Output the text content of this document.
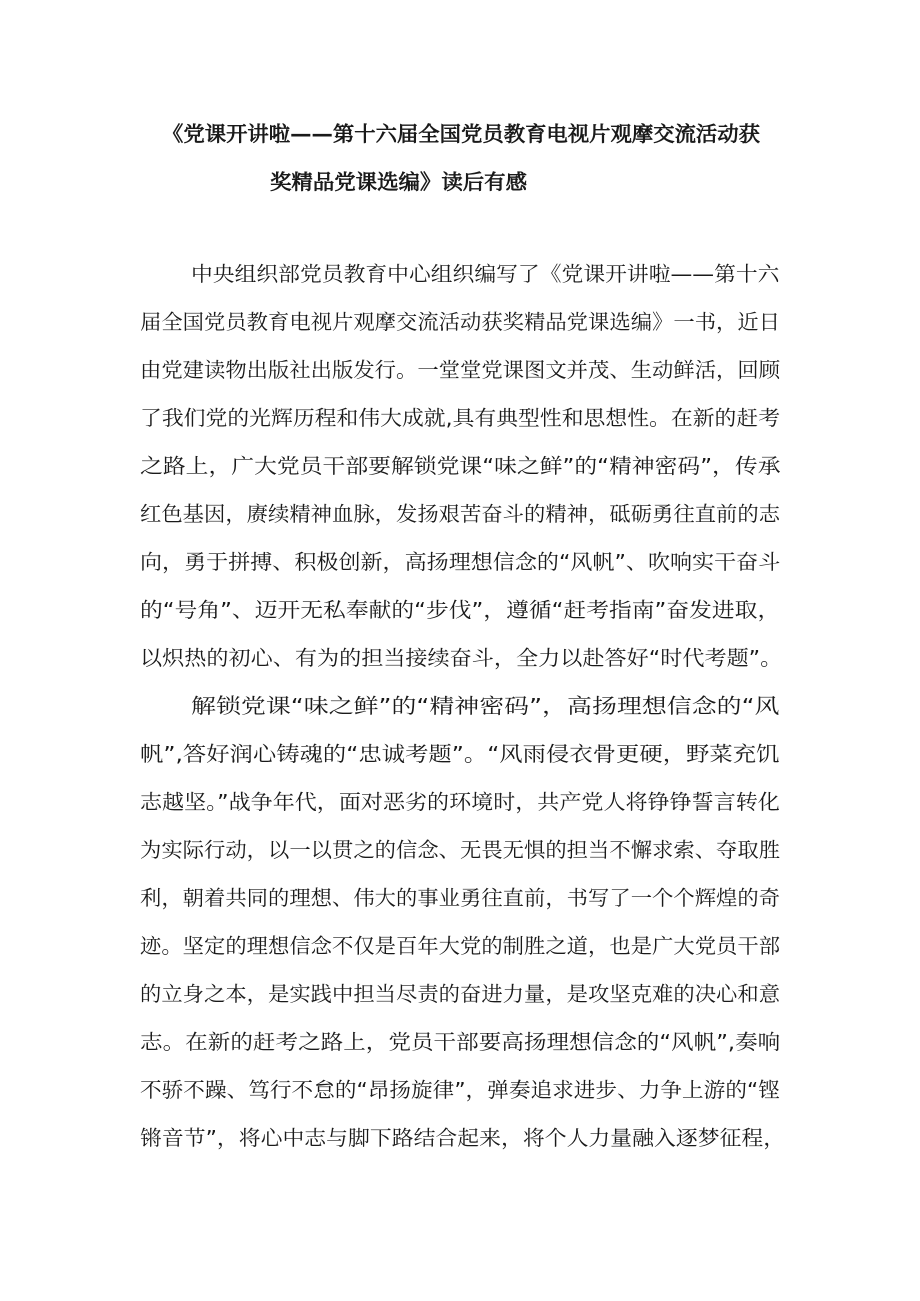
《党课开讲啦——第十六届全国党员教育电视片观摩交流活动获
奖精品党课选编》读后有感

中央组织部党员教育中心组织编写了《党课开讲啦——第十六

届全国党员教育电视片观摩交流活动获奖精品党课选编》一书，近日

由党建读物出版社出版发行。一堂堂党课图文并茂、生动鲜活，回顾

了我们党的光辉历程和伟大成就,具有典型性和思想性。在新的赶考

之路上，广大党员干部要解锁党课“味之鲜”的“精神密码”，传承

红色基因，赓续精神血脉，发扬艰苦奋斗的精神，砥砺勇往直前的志

向，勇于拼搏、积极创新，高扬理想信念的“风帆”、吹响实干奋斗

的“号角”、迈开无私奉献的“步伐”，遵循“赶考指南”奋发进取，

以炽热的初心、有为的担当接续奋斗，全力以赴答好“时代考题”。

解锁党课“味之鲜”的“精神密码”，高扬理想信念的“风

帆”,答好润心铸魂的“忠诚考题”。“风雨侵衣骨更硬，野菜充饥

志越坚。”战争年代，面对恶劣的环境时，共产党人将铮铮誓言转化

为实际行动，以一以贯之的信念、无畏无惧的担当不懈求索、夺取胜

利，朝着共同的理想、伟大的事业勇往直前，书写了一个个辉煌的奇

迹。坚定的理想信念不仅是百年大党的制胜之道，也是广大党员干部

的立身之本，是实践中担当尽责的奋进力量，是攻坚克难的决心和意

志。在新的赶考之路上，党员干部要高扬理想信念的“风帆”,奏响

不骄不躁、笃行不怠的“昂扬旋律”，弹奏追求进步、力争上游的“铿

锵音节”，将心中志与脚下路结合起来，将个人力量融入逐梦征程，
